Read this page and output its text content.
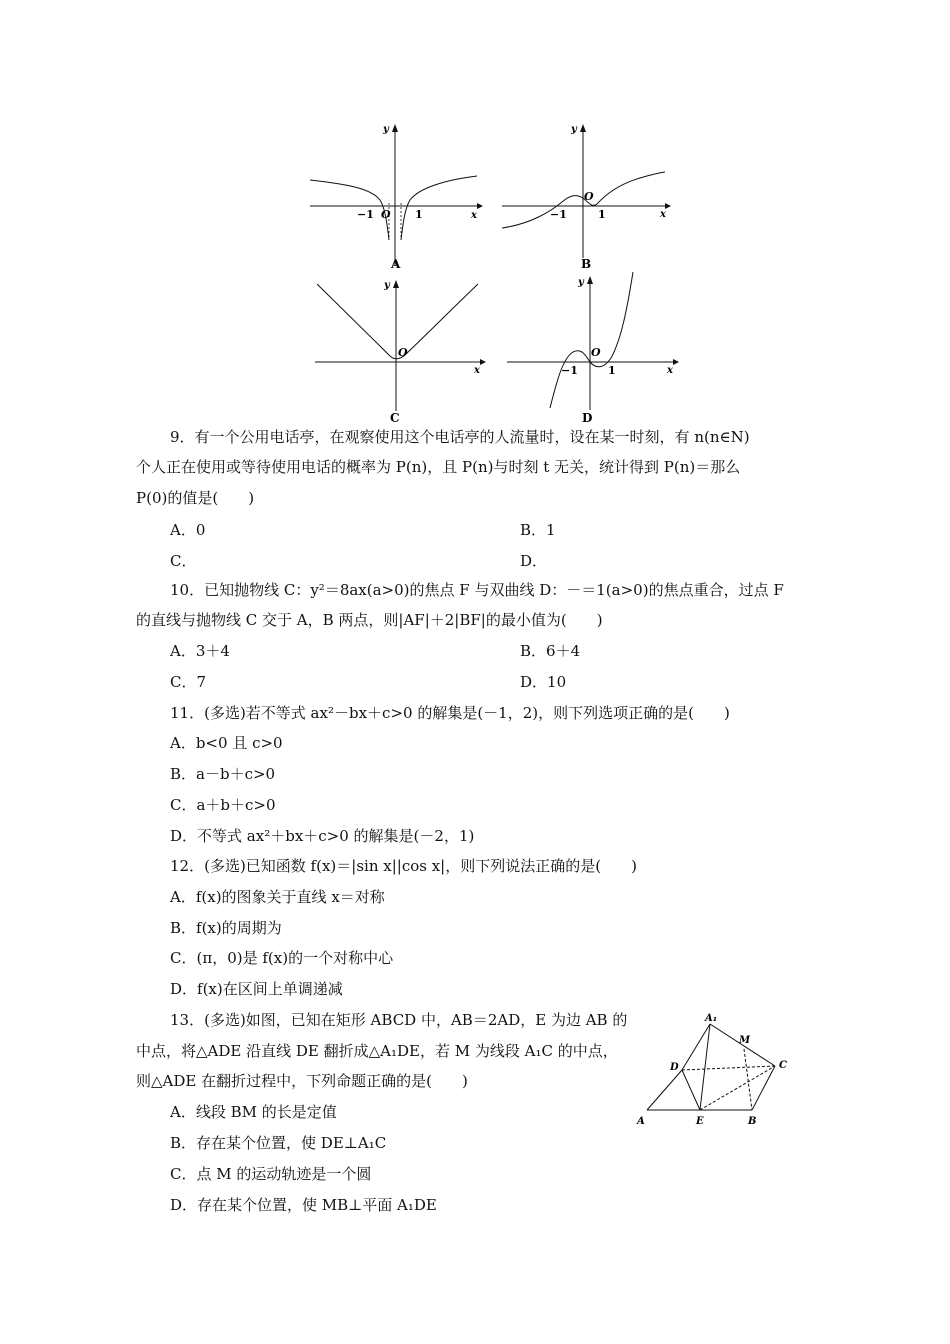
y
x
O
−1	1
A
y
x
O
−1	1
B
y
x
O
C
y
x
O
−1	1
D
9．有一个公用电话亭，在观察使用这个电话亭的人流量时，设在某一时刻，有 n(n∈N)
个人正在使用或等待使用电话的概率为 P(n)，且 P(n)与时刻 t 无关，统计得到 P(n)＝那么
P(0)的值是(　　)
A．0	B．1
C．	D．
10．已知抛物线 C：y²＝8ax(a>0)的焦点 F 与双曲线 D：－＝1(a>0)的焦点重合，过点 F
的直线与抛物线 C 交于 A，B 两点，则|AF|＋2|BF|的最小值为(　　)
A．3＋4	B．6＋4
C．7	D．10
11．(多选)若不等式 ax²－bx＋c>0 的解集是(－1，2)，则下列选项正确的是(　　)
A．b<0 且 c>0
B．a－b＋c>0
C．a＋b＋c>0
D．不等式 ax²＋bx＋c>0 的解集是(－2，1)
12．(多选)已知函数 f(x)＝|sin x||cos x|，则下列说法正确的是(　　)
A．f(x)的图象关于直线 x＝对称
B．f(x)的周期为
C．(π，0)是 f(x)的一个对称中心
D．f(x)在区间上单调递减
13．(多选)如图，已知在矩形 ABCD 中，AB＝2AD，E 为边 AB 的
中点，将△ADE 沿直线 DE 翻折成△A₁DE，若 M 为线段 A₁C 的中点，
则△ADE 在翻折过程中，下列命题正确的是(　　)
A．线段 BM 的长是定值
B．存在某个位置，使 DE⊥A₁C
C．点 M 的运动轨迹是一个圆
D．存在某个位置，使 MB⊥平面 A₁DE
A₁
M
D	C
A	E	B
